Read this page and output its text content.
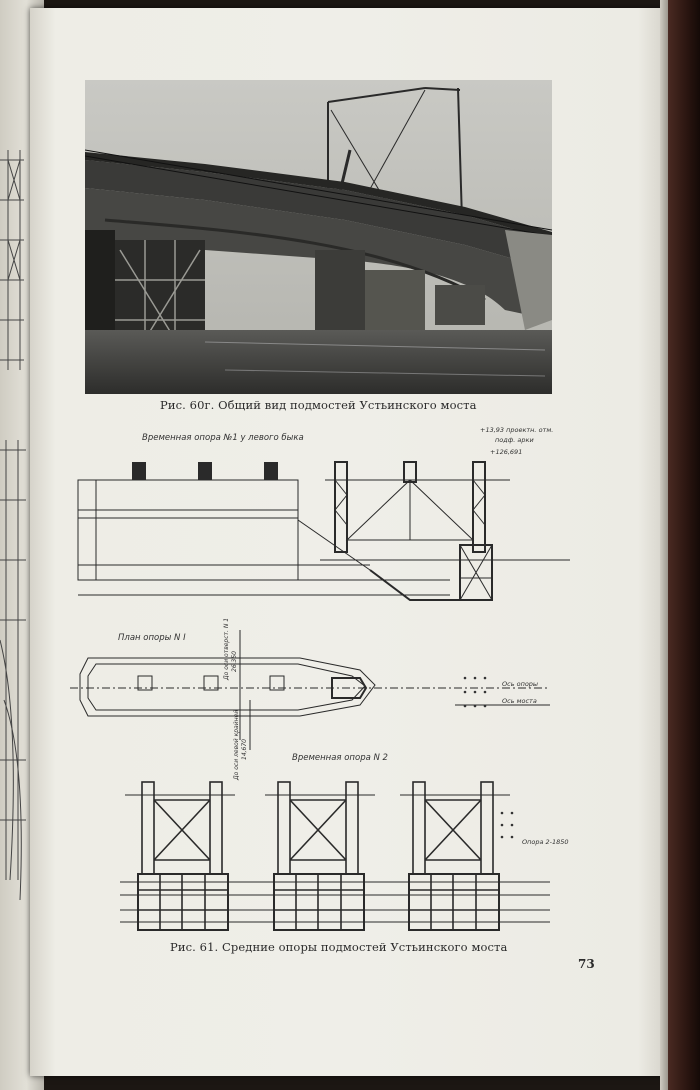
Рис. 60г. Общий вид подмостей Устьинского моста
Временная опора №1 у левого быка
+13,93 проектн. отм.
подф. арки
+126,691
План опоры N I
Ось опоры
Ось моста
До оси отверст. N 1 26,350
До оси левой крайней 14,670	Временная опора N 2
Опора 2-1850
Рис. 61. Средние опоры подмостей Устьинского моста
73
